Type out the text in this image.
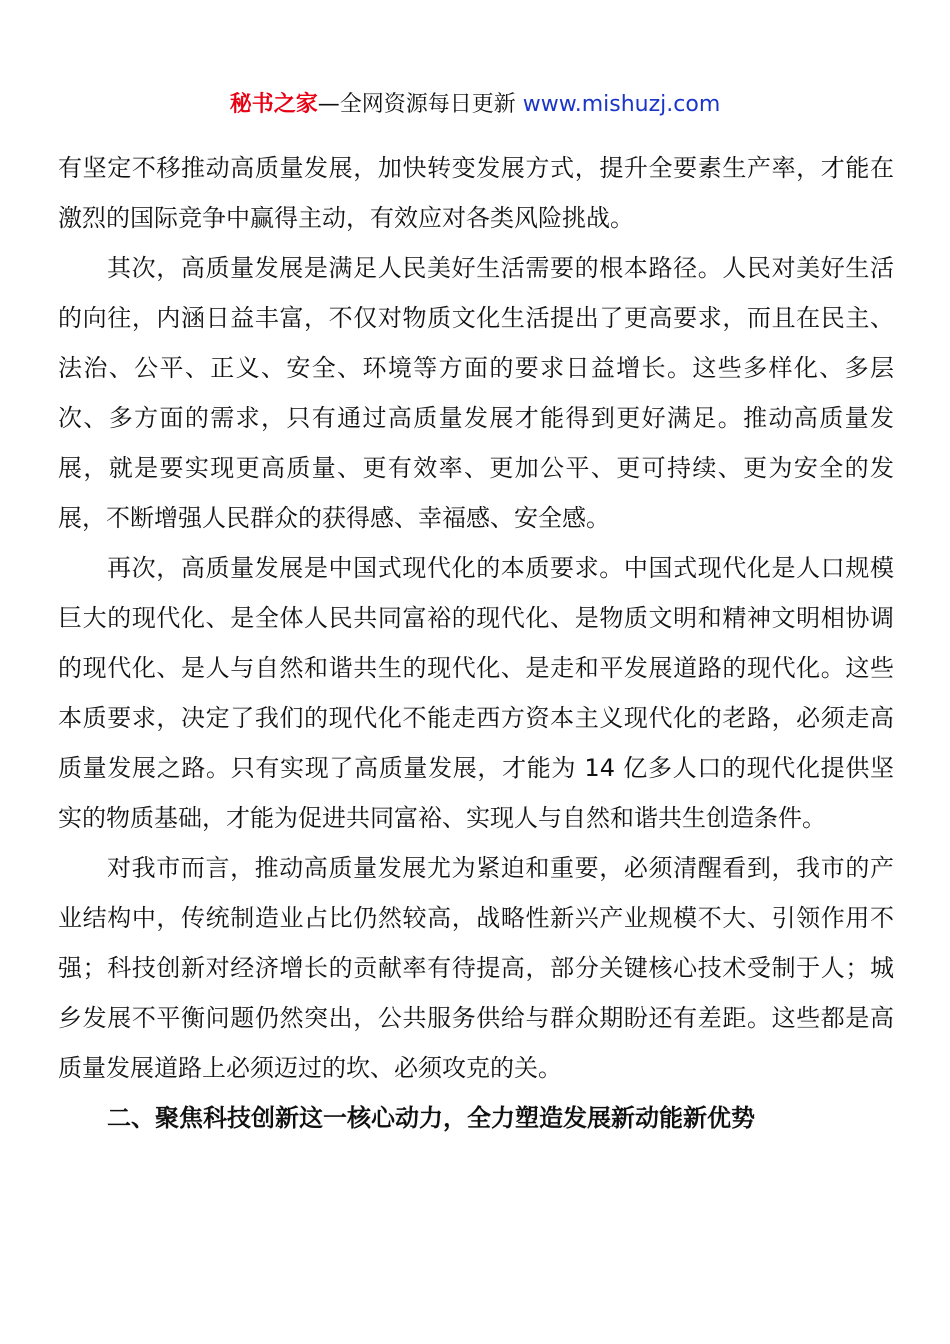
秘书之家—全网资源每日更新 www.mishuzj.com

有坚定不移推动高质量发展，加快转变发展方式，提升全要素生产率，才能在激烈的国际竞争中赢得主动，有效应对各类风险挑战。

其次，高质量发展是满足人民美好生活需要的根本路径。人民对美好生活的向往，内涵日益丰富，不仅对物质文化生活提出了更高要求，而且在民主、法治、公平、正义、安全、环境等方面的要求日益增长。这些多样化、多层次、多方面的需求，只有通过高质量发展才能得到更好满足。推动高质量发展，就是要实现更高质量、更有效率、更加公平、更可持续、更为安全的发展，不断增强人民群众的获得感、幸福感、安全感。

再次，高质量发展是中国式现代化的本质要求。中国式现代化是人口规模巨大的现代化、是全体人民共同富裕的现代化、是物质文明和精神文明相协调的现代化、是人与自然和谐共生的现代化、是走和平发展道路的现代化。这些本质要求，决定了我们的现代化不能走西方资本主义现代化的老路，必须走高质量发展之路。只有实现了高质量发展，才能为 14 亿多人口的现代化提供坚实的物质基础，才能为促进共同富裕、实现人与自然和谐共生创造条件。

对我市而言，推动高质量发展尤为紧迫和重要，必须清醒看到，我市的产业结构中，传统制造业占比仍然较高，战略性新兴产业规模不大、引领作用不强；科技创新对经济增长的贡献率有待提高，部分关键核心技术受制于人；城乡发展不平衡问题仍然突出，公共服务供给与群众期盼还有差距。这些都是高质量发展道路上必须迈过的坎、必须攻克的关。

二、聚焦科技创新这一核心动力，全力塑造发展新动能新优势
